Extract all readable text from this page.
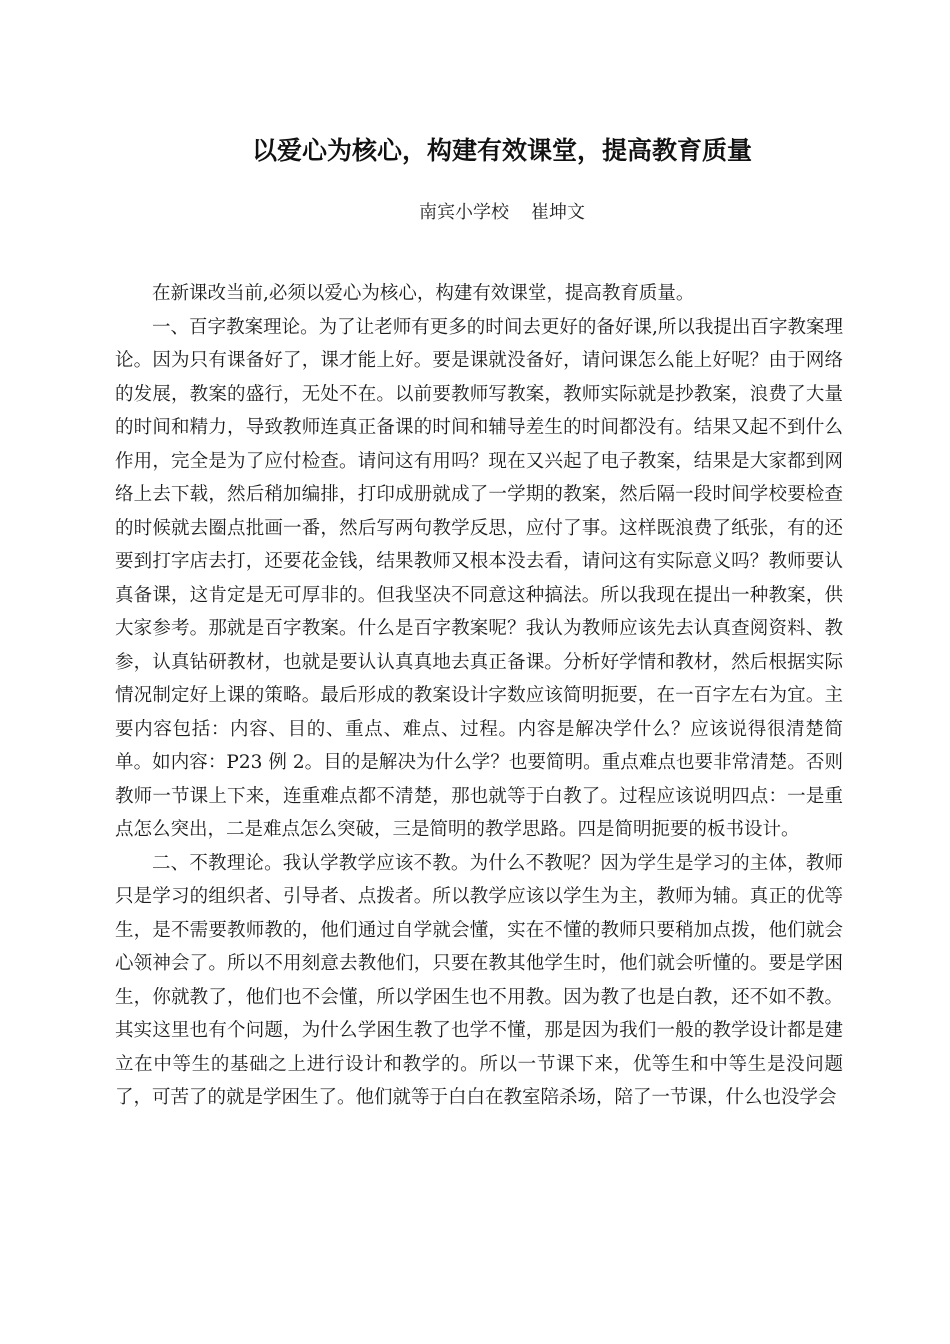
以爱心为核心，构建有效课堂，提高教育质量
南宾小学校 崔坤文

在新课改当前,必须以爱心为核心，构建有效课堂，提高教育质量。

一、百字教案理论。为了让老师有更多的时间去更好的备好课,所以我提出百字教案理论。因为只有课备好了，课才能上好。要是课就没备好，请问课怎么能上好呢？由于网络的发展，教案的盛行，无处不在。以前要教师写教案，教师实际就是抄教案，浪费了大量的时间和精力，导致教师连真正备课的时间和辅导差生的时间都没有。结果又起不到什么作用，完全是为了应付检查。请问这有用吗？现在又兴起了电子教案，结果是大家都到网络上去下载，然后稍加编排，打印成册就成了一学期的教案，然后隔一段时间学校要检查的时候就去圈点批画一番，然后写两句教学反思，应付了事。这样既浪费了纸张，有的还要到打字店去打，还要花金钱，结果教师又根本没去看，请问这有实际意义吗？教师要认真备课，这肯定是无可厚非的。但我坚决不同意这种搞法。所以我现在提出一种教案，供大家参考。那就是百字教案。什么是百字教案呢？我认为教师应该先去认真查阅资料、教参，认真钻研教材，也就是要认认真真地去真正备课。分析好学情和教材，然后根据实际情况制定好上课的策略。最后形成的教案设计字数应该简明扼要，在一百字左右为宜。主要内容包括：内容、目的、重点、难点、过程。内容是解决学什么？应该说得很清楚简单。如内容：P23 例 2。目的是解决为什么学？也要简明。重点难点也要非常清楚。否则教师一节课上下来，连重难点都不清楚，那也就等于白教了。过程应该说明四点：一是重点怎么突出，二是难点怎么突破，三是简明的教学思路。四是简明扼要的板书设计。

二、不教理论。我认学教学应该不教。为什么不教呢？因为学生是学习的主体，教师只是学习的组织者、引导者、点拨者。所以教学应该以学生为主，教师为辅。真正的优等生，是不需要教师教的，他们通过自学就会懂，实在不懂的教师只要稍加点拨，他们就会心领神会了。所以不用刻意去教他们，只要在教其他学生时，他们就会听懂的。要是学困生，你就教了，他们也不会懂，所以学困生也不用教。因为教了也是白教，还不如不教。其实这里也有个问题，为什么学困生教了也学不懂，那是因为我们一般的教学设计都是建立在中等生的基础之上进行设计和教学的。所以一节课下来，优等生和中等生是没问题了，可苦了的就是学困生了。他们就等于白白在教室陪杀场，陪了一节课，什么也没学会
